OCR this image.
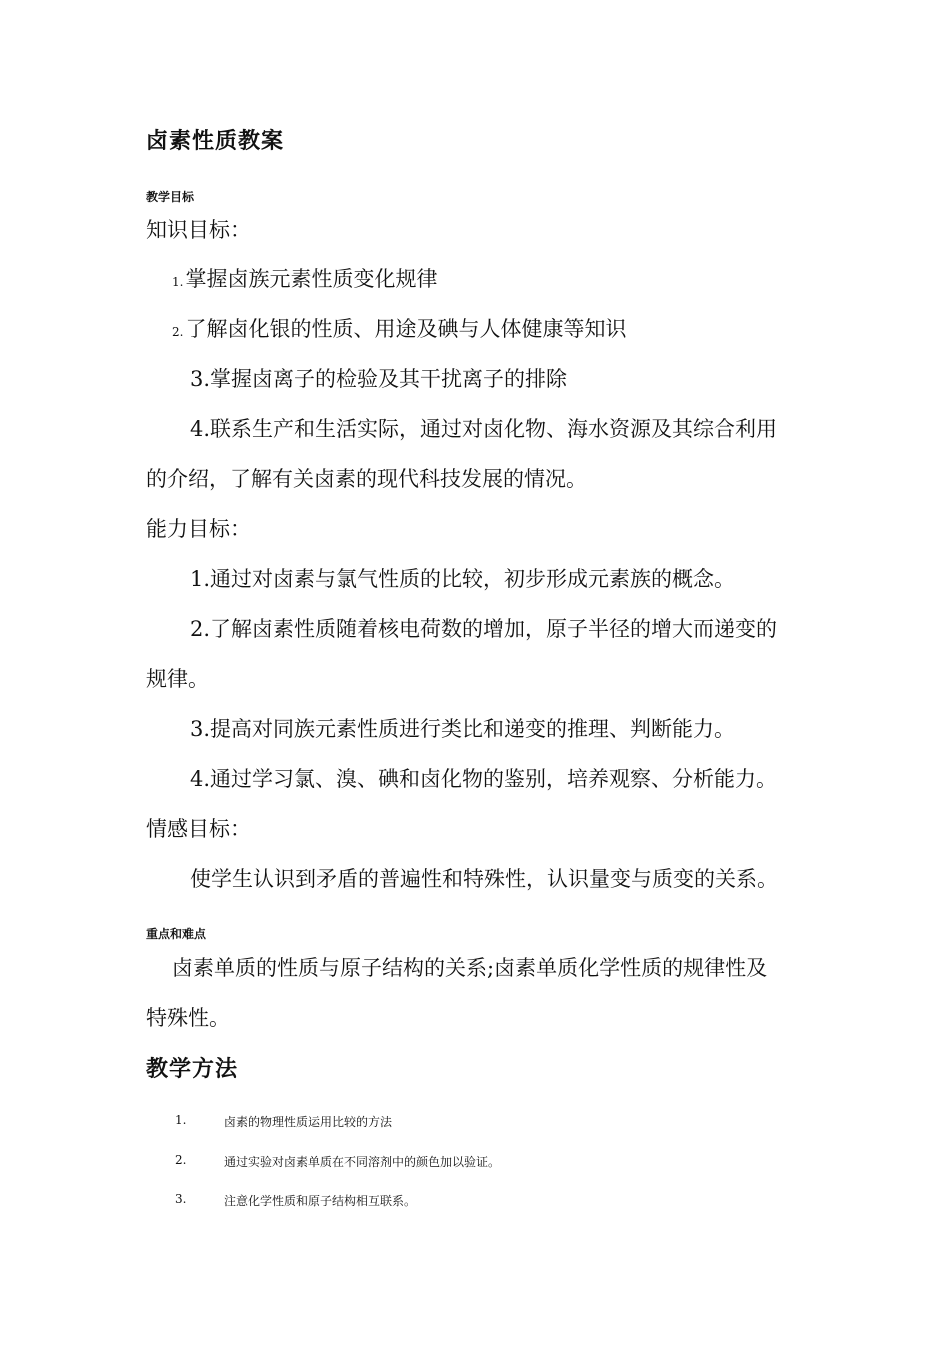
卤素性质教案
教学目标

知识目标：

1.掌握卤族元素性质变化规律

2.了解卤化银的性质、用途及碘与人体健康等知识

3.掌握卤离子的检验及其干扰离子的排除

4.联系生产和生活实际，通过对卤化物、海水资源及其综合利用

的介绍，了解有关卤素的现代科技发展的情况。

能力目标：

1.通过对卤素与氯气性质的比较，初步形成元素族的概念。

2.了解卤素性质随着核电荷数的增加，原子半径的增大而递变的

规律。

3.提高对同族元素性质进行类比和递变的推理、判断能力。

4.通过学习氯、溴、碘和卤化物的鉴别，培养观察、分析能力。

情感目标：

使学生认识到矛盾的普遍性和特殊性，认识量变与质变的关系。

重点和难点

卤素单质的性质与原子结构的关系;卤素单质化学性质的规律性及

特殊性。

教学方法
1.	卤素的物理性质运用比较的方法
2.	通过实验对卤素单质在不同溶剂中的颜色加以验证。
3.	注意化学性质和原子结构相互联系。
